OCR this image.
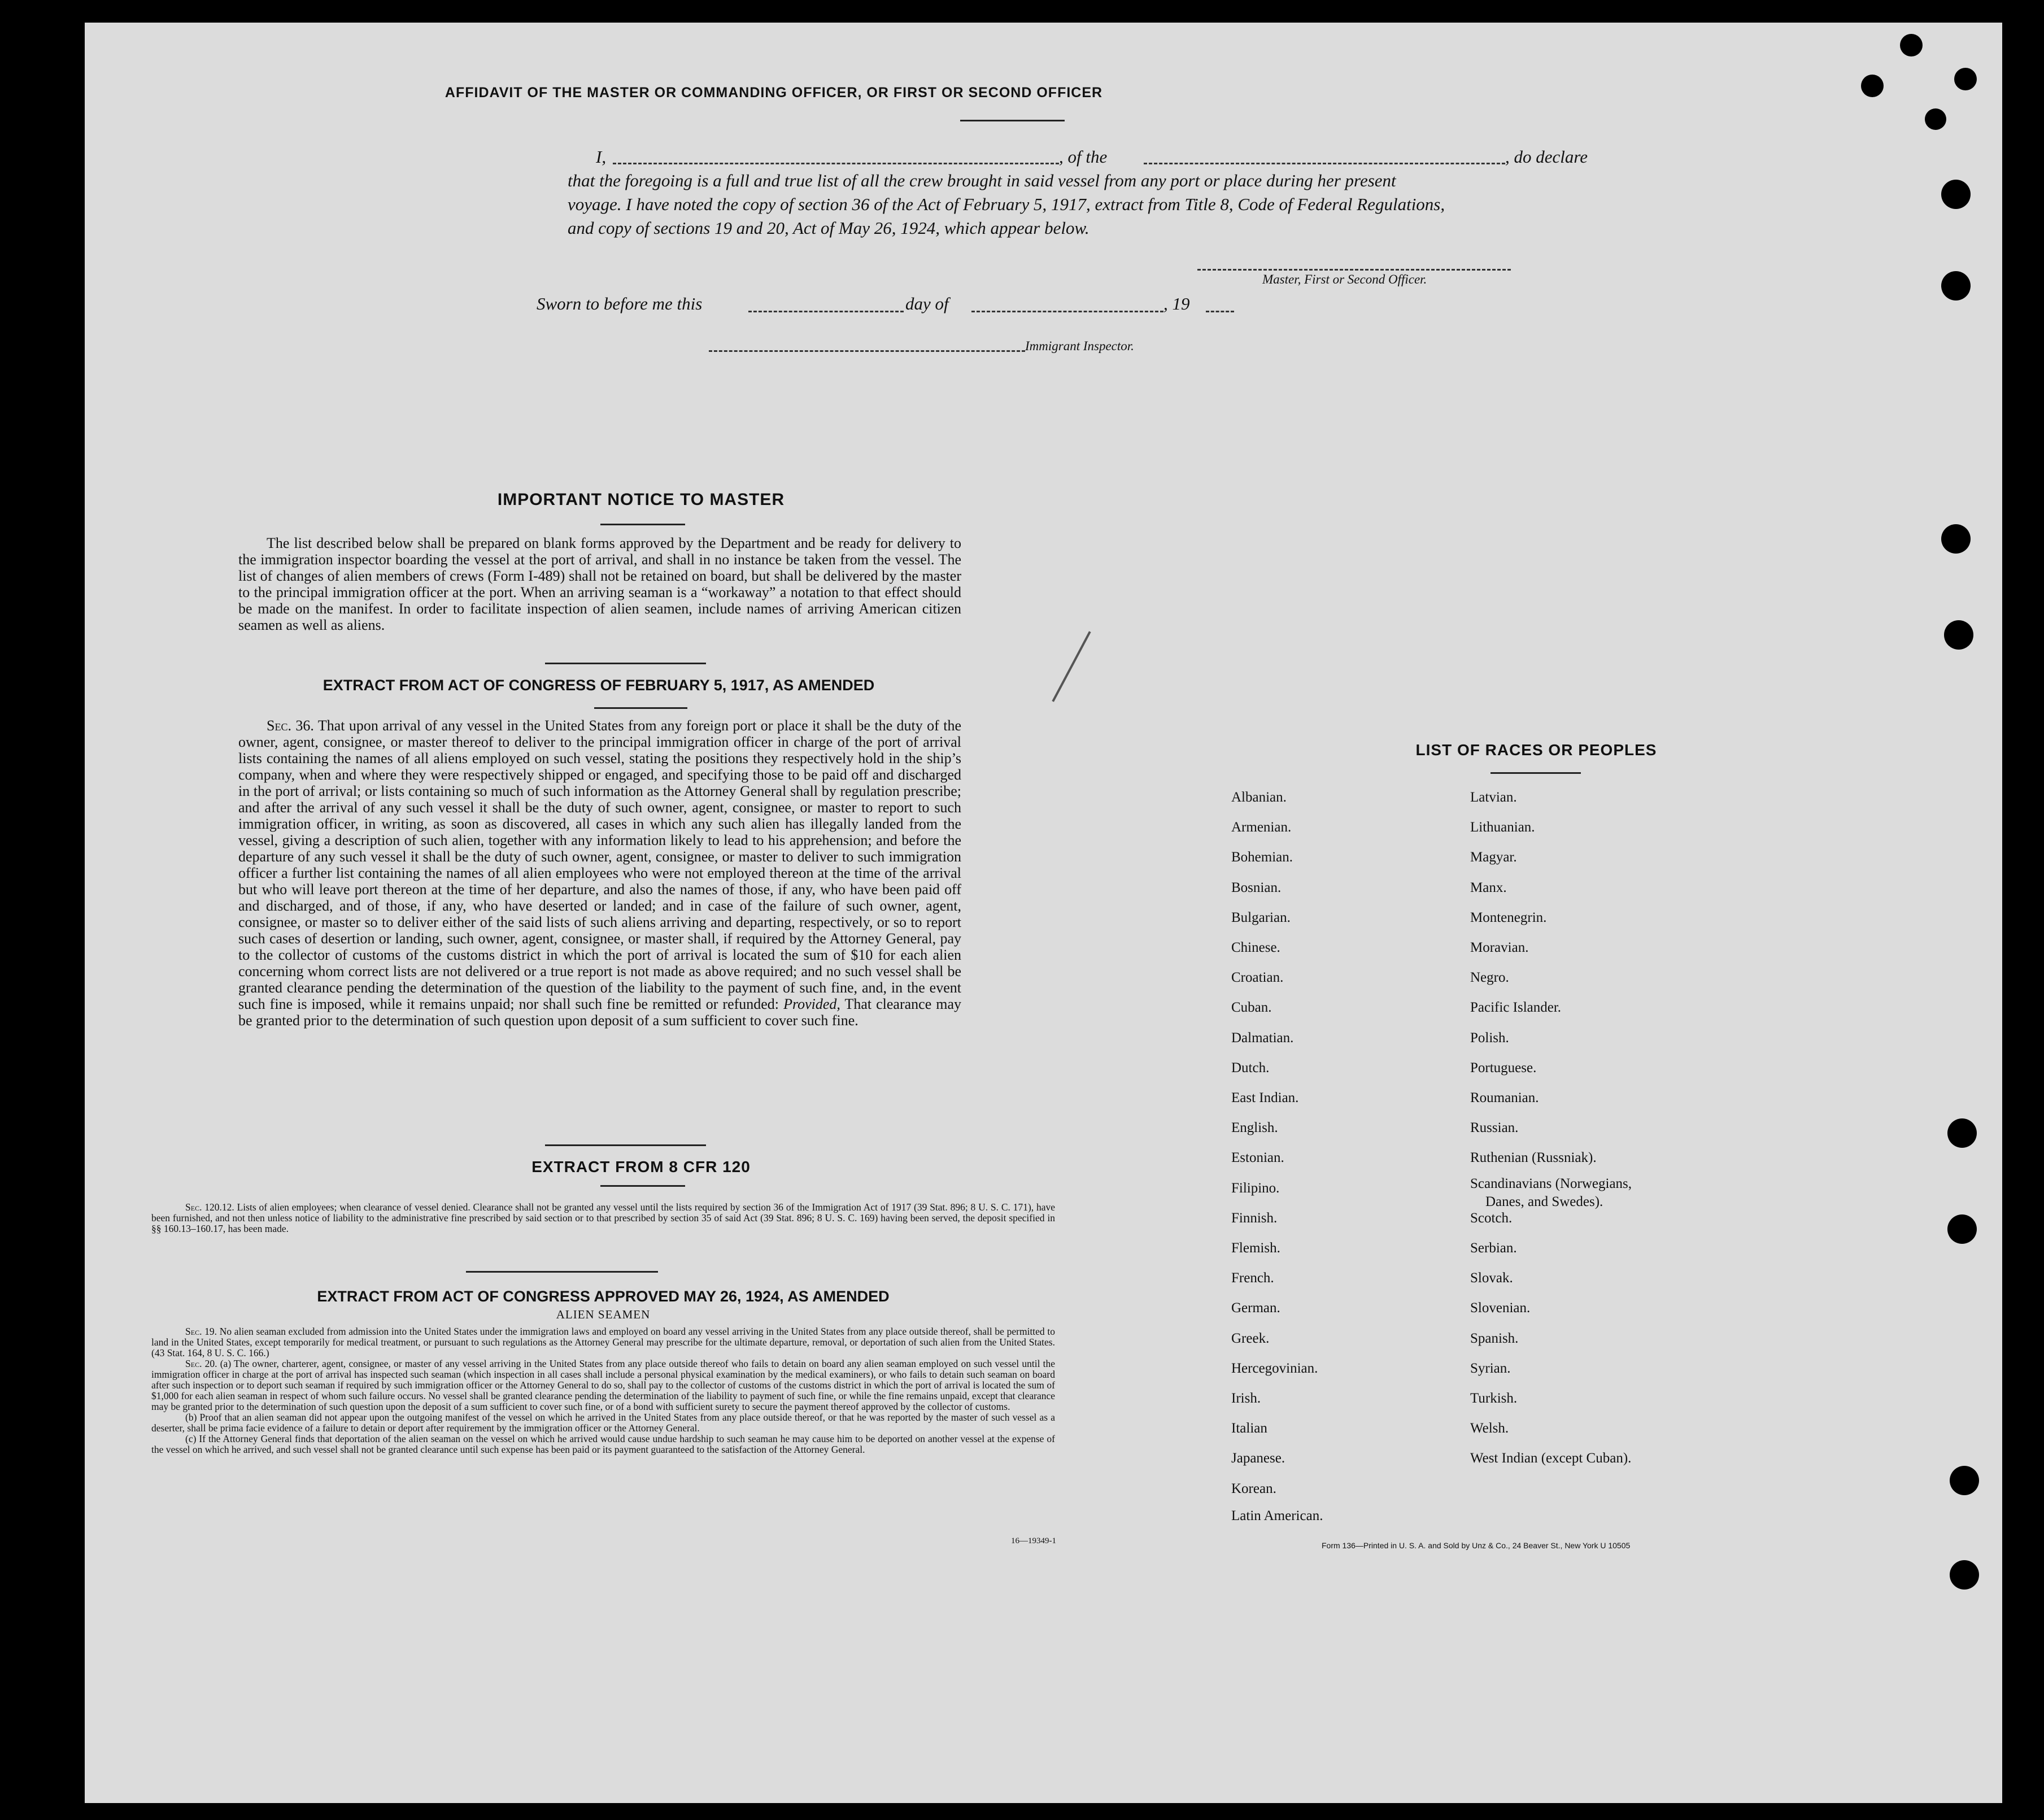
AFFIDAVIT OF THE MASTER OR COMMANDING OFFICER, OR FIRST OR SECOND OFFICER
I,	, of the	, do declare
that the foregoing is a full and true list of all the crew brought in said vessel from any port or place during her present
voyage. I have noted the copy of section 36 of the Act of February 5, 1917, extract from Title 8, Code of Federal Regulations,
and copy of sections 19 and 20, Act of May 26, 1924, which appear below.
Master, First or Second Officer.
Sworn to before me this	day of	, 19
Immigrant Inspector.
IMPORTANT NOTICE TO MASTER
The list described below shall be prepared on blank forms approved by the Department and be ready for delivery to the immigration inspector boarding the vessel at the port of arrival, and shall in no instance be taken from the vessel. The list of changes of alien members of crews (Form I-489) shall not be retained on board, but shall be delivered by the master to the principal immigration officer at the port. When an arriving seaman is a “workaway” a notation to that effect should be made on the manifest. In order to facilitate inspection of alien seamen, include names of arriving American citizen seamen as well as aliens.
EXTRACT FROM ACT OF CONGRESS OF FEBRUARY 5, 1917, AS AMENDED
Sec. 36. That upon arrival of any vessel in the United States from any foreign port or place it shall be the duty of the owner, agent, consignee, or master thereof to deliver to the principal immigration officer in charge of the port of arrival lists containing the names of all aliens employed on such vessel, stating the positions they respectively hold in the ship’s company, when and where they were respectively shipped or engaged, and specifying those to be paid off and discharged in the port of arrival; or lists containing so much of such information as the Attorney General shall by regulation prescribe; and after the arrival of any such vessel it shall be the duty of such owner, agent, consignee, or master to report to such immigration officer, in writing, as soon as discovered, all cases in which any such alien has illegally landed from the vessel, giving a description of such alien, together with any information likely to lead to his apprehension; and before the departure of any such vessel it shall be the duty of such owner, agent, consignee, or master to deliver to such immigration officer a further list containing the names of all alien employees who were not employed thereon at the time of the arrival but who will leave port thereon at the time of her departure, and also the names of those, if any, who have been paid off and discharged, and of those, if any, who have deserted or landed; and in case of the failure of such owner, agent, consignee, or master so to deliver either of the said lists of such aliens arriving and departing, respectively, or so to report such cases of desertion or landing, such owner, agent, consignee, or master shall, if required by the Attorney General, pay to the collector of customs of the customs district in which the port of arrival is located the sum of $10 for each alien concerning whom correct lists are not delivered or a true report is not made as above required; and no such vessel shall be granted clearance pending the determination of the question of the liability to the payment of such fine, and, in the event such fine is imposed, while it remains unpaid; nor shall such fine be remitted or refunded: Provided, That clearance may be granted prior to the determination of such question upon deposit of a sum sufficient to cover such fine.
EXTRACT FROM 8 CFR 120
Sec. 120.12. Lists of alien employees; when clearance of vessel denied. Clearance shall not be granted any vessel until the lists required by section 36 of the Immigration Act of 1917 (39 Stat. 896; 8 U. S. C. 171), have been furnished, and not then unless notice of liability to the administrative fine prescribed by said section or to that prescribed by section 35 of said Act (39 Stat. 896; 8 U. S. C. 169) having been served, the deposit specified in §§ 160.13–160.17, has been made.
EXTRACT FROM ACT OF CONGRESS APPROVED MAY 26, 1924, AS AMENDED
ALIEN SEAMEN
Sec. 19. No alien seaman excluded from admission into the United States under the immigration laws and employed on board any vessel arriving in the United States from any place outside thereof, shall be permitted to land in the United States, except temporarily for medical treatment, or pursuant to such regulations as the Attorney General may prescribe for the ultimate departure, removal, or deportation of such alien from the United States. (43 Stat. 164, 8 U. S. C. 166.)
Sec. 20. (a) The owner, charterer, agent, consignee, or master of any vessel arriving in the United States from any place outside thereof who fails to detain on board any alien seaman employed on such vessel until the immigration officer in charge at the port of arrival has inspected such seaman (which inspection in all cases shall include a personal physical examination by the medical examiners), or who fails to detain such seaman on board after such inspection or to deport such seaman if required by such immigration officer or the Attorney General to do so, shall pay to the collector of customs of the customs district in which the port of arrival is located the sum of $1,000 for each alien seaman in respect of whom such failure occurs. No vessel shall be granted clearance pending the determination of the liability to payment of such fine, or while the fine remains unpaid, except that clearance may be granted prior to the determination of such question upon the deposit of a sum sufficient to cover such fine, or of a bond with sufficient surety to secure the payment thereof approved by the collector of customs.
(b) Proof that an alien seaman did not appear upon the outgoing manifest of the vessel on which he arrived in the United States from any place outside thereof, or that he was reported by the master of such vessel as a deserter, shall be prima facie evidence of a failure to detain or deport after requirement by the immigration officer or the Attorney General.
(c) If the Attorney General finds that deportation of the alien seaman on the vessel on which he arrived would cause undue hardship to such seaman he may cause him to be deported on another vessel at the expense of the vessel on which he arrived, and such vessel shall not be granted clearance until such expense has been paid or its payment guaranteed to the satisfaction of the Attorney General.
16—19349-1
LIST OF RACES OR PEOPLES
Form 136—Printed in U. S. A. and Sold by Unz & Co., 24 Beaver St., New York U 10505
Albanian.
Armenian.
Bohemian.
Bosnian.
Bulgarian.
Chinese.
Croatian.
Cuban.
Dalmatian.
Dutch.
East Indian.
English.
Estonian.
Filipino.
Finnish.
Flemish.
French.
German.
Greek.
Hercegovinian.
Irish.
Italian
Japanese.
Korean.
Latin American.
Latvian.
Lithuanian.
Magyar.
Manx.
Montenegrin.
Moravian.
Negro.
Pacific Islander.
Polish.
Portuguese.
Roumanian.
Russian.
Ruthenian (Russniak).
Scandinavians (Norwegians,
Danes, and Swedes).
Scotch.
Serbian.
Slovak.
Slovenian.
Spanish.
Syrian.
Turkish.
Welsh.
West Indian (except Cuban).
